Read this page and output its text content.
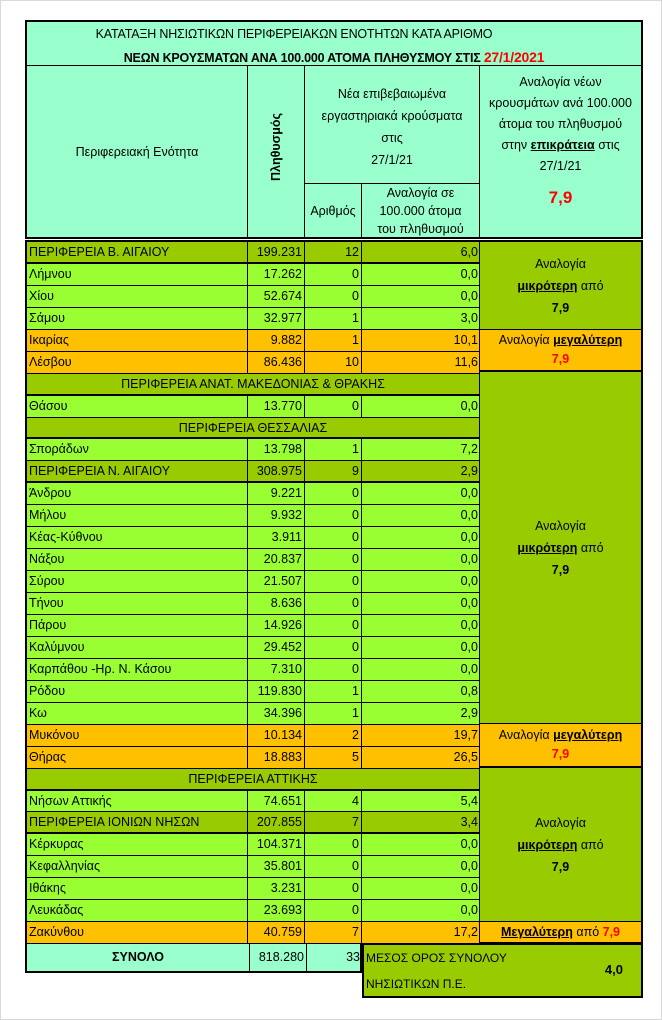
ΚΑΤΑΤΑΞΗ ΝΗΣΙΩΤΙΚΩΝ ΠΕΡΙΦΕΡΕΙΑΚΩΝ ΕΝΟΤΗΤΩΝ ΚΑΤΑ ΑΡΙΘΜΟ
ΝΕΩΝ ΚΡΟΥΣΜΑΤΩΝ ΑΝΑ 100.000 ΑΤΟΜΑ ΠΛΗΘΥΣΜΟΥ ΣΤΙΣ 27/1/2021
Περιφερειακή Ενότητα	Πληθυσμός
Νέα επιβεβαιωμένα
εργαστηριακά κρούσματα
στις
27/1/21
Αριθμός
Αναλογία σε
100.000 άτομα
του πληθυσμού
Αναλογία νέων
κρουσμάτων ανά 100.000
άτομα του πληθυσμού
στην επικράτεια στις
27/1/21
7,9
ΠΕΡΙΦΕΡΕΙΑ Β. ΑΙΓΑΙΟΥ	199.231	12	6,0
Λήμνου	17.262	0	0,0
Χίου	52.674	0	0,0
Σάμου	32.977	1	3,0
Ικαρίας	9.882	1	10,1
Λέσβου	86.436	10	11,6
ΠΕΡΙΦΕΡΕΙΑ ΑΝΑΤ. ΜΑΚΕΔΟΝΙΑΣ & ΘΡΑΚΗΣ
Θάσου	13.770	0	0,0
ΠΕΡΙΦΕΡΕΙΑ ΘΕΣΣΑΛΙΑΣ
Σποράδων	13.798	1	7,2
ΠΕΡΙΦΕΡΕΙΑ Ν. ΑΙΓΑΙΟΥ	308.975	9	2,9
Άνδρου	9.221	0	0,0
Μήλου	9.932	0	0,0
Κέας-Κύθνου	3.911	0	0,0
Νάξου	20.837	0	0,0
Σύρου	21.507	0	0,0
Τήνου	8.636	0	0,0
Πάρου	14.926	0	0,0
Καλύμνου	29.452	0	0,0
Καρπάθου -Ηρ. Ν. Κάσου	7.310	0	0,0
Ρόδου	119.830	1	0,8
Κω	34.396	1	2,9
Μυκόνου	10.134	2	19,7
Θήρας	18.883	5	26,5
ΠΕΡΙΦΕΡΕΙΑ ΑΤΤΙΚΗΣ
Νήσων Αττικής	74.651	4	5,4
ΠΕΡΙΦΕΡΕΙΑ ΙΟΝΙΩΝ ΝΗΣΩΝ	207.855	7	3,4
Κέρκυρας	104.371	0	0,0
Κεφαλληνίας	35.801	0	0,0
Ιθάκης	3.231	0	0,0
Λευκάδας	23.693	0	0,0
Ζακύνθου	40.759	7	17,2
Αναλογία
μικρότερη από
7,9
Αναλογία μεγαλύτερη
7,9
Αναλογία
μικρότερη από
7,9
Αναλογία μεγαλύτερη
7,9
Αναλογία
μικρότερη από
7,9
Μεγαλύτερη από 7,9
ΣΥΝΟΛΟ	818.280	33 ΜΕΣΟΣ ΟΡΟΣ ΣΥΝΟΛΟΥ
ΝΗΣΙΩΤΙΚΩΝ Π.Ε.
4,0
